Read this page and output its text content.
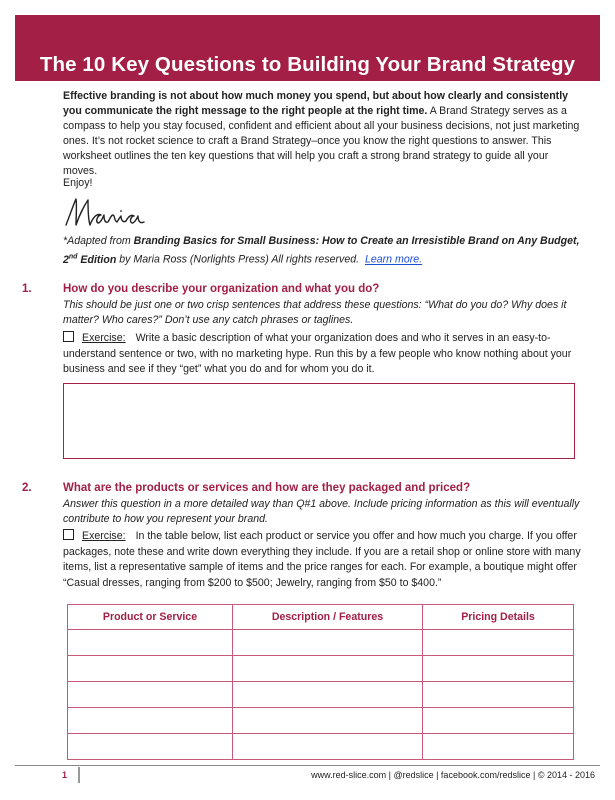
The 10 Key Questions to Building Your Brand Strategy
Effective branding is not about how much money you spend, but about how clearly and consistently you communicate the right message to the right people at the right time. A Brand Strategy serves as a compass to help you stay focused, confident and efficient about all your business decisions, not just marketing ones. It’s not rocket science to craft a Brand Strategy–once you know the right questions to answer. This worksheet outlines the ten key questions that will help you craft a strong brand strategy to guide all your moves.
Enjoy!
*Adapted from Branding Basics for Small Business: How to Create an Irresistible Brand on Any Budget, 2nd Edition by Maria Ross (Norlights Press) All rights reserved. Learn more.
1.	How do you describe your organization and what you do?
This should be just one or two crisp sentences that address these questions: “What do you do? Why does it matter? Who cares?” Don’t use any catch phrases or taglines.
Exercise: Write a basic description of what your organization does and who it serves in an easy-to-understand sentence or two, with no marketing hype. Run this by a few people who know nothing about your business and see if they “get” what you do and for whom you do it.
2.	What are the products or services and how are they packaged and priced?
Answer this question in a more detailed way than Q#1 above. Include pricing information as this will eventually contribute to how you represent your brand.
Exercise: In the table below, list each product or service you offer and how much you charge. If you offer packages, note these and write down everything they include. If you are a retail shop or online store with many items, list a representative sample of items and the price ranges for each. For example, a boutique might offer “Casual dresses, ranging from $200 to $500; Jewelry, ranging from $50 to $400.”
Product or Service	Description / Features	Pricing Details

1	www.red-slice.com | @redslice | facebook.com/redslice | © 2014 - 2016
